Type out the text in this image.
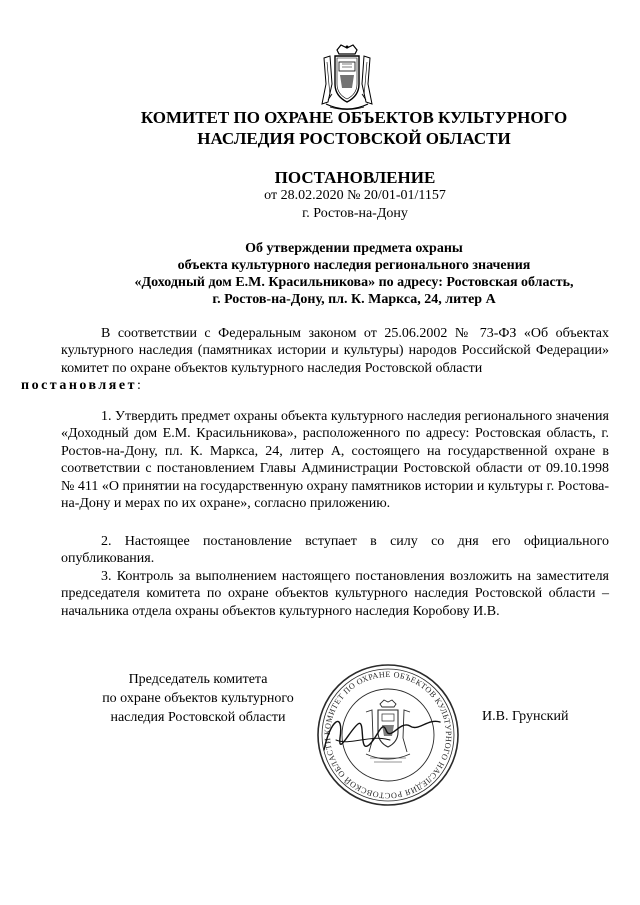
КОМИТЕТ ПО ОХРАНЕ ОБЪЕКТОВ КУЛЬТУРНОГО
НАСЛЕДИЯ РОСТОВСКОЙ ОБЛАСТИ
ПОСТАНОВЛЕНИЕ
от 28.02.2020 № 20/01-01/1157
г. Ростов-на-Дону
Об утверждении предмета охраны
объекта культурного наследия регионального значения
«Доходный дом Е.М. Красильникова» по адресу: Ростовская область,
г. Ростов-на-Дону, пл. К. Маркса, 24, литер А

В соответствии с Федеральным законом от 25.06.2002 № 73-ФЗ «Об объектах культурного наследия (памятниках истории и культуры) народов Российской Федерации» комитет по охране объектов культурного наследия Ростовской области
постановляет:

1. Утвердить предмет охраны объекта культурного наследия регионального значения «Доходный дом Е.М. Красильникова», расположенного по адресу: Ростовская область, г. Ростов-на-Дону, пл. К. Маркса, 24, литер А, состоящего на государственной охране в соответствии с постановлением Главы Администрации Ростовской области от 09.10.1998 № 411 «О принятии на государственную охрану памятников истории и культуры г. Ростова-на-Дону и мерах по их охране», согласно приложению.

2. Настоящее постановление вступает в силу со дня его официального опубликования.

3. Контроль за выполнением настоящего постановления возложить на заместителя председателя комитета по охране объектов культурного наследия Ростовской области – начальника отдела охраны объектов культурного наследия Коробову И.В.

Председатель комитета
по охране объектов культурного
наследия Ростовской области
КОМИТЕТ ПО ОХРАНЕ ОБЪЕКТОВ КУЛЬТУРНОГО НАСЛЕДИЯ РОСТОВСКОЙ ОБЛАСТИ
И.В. Грунский
